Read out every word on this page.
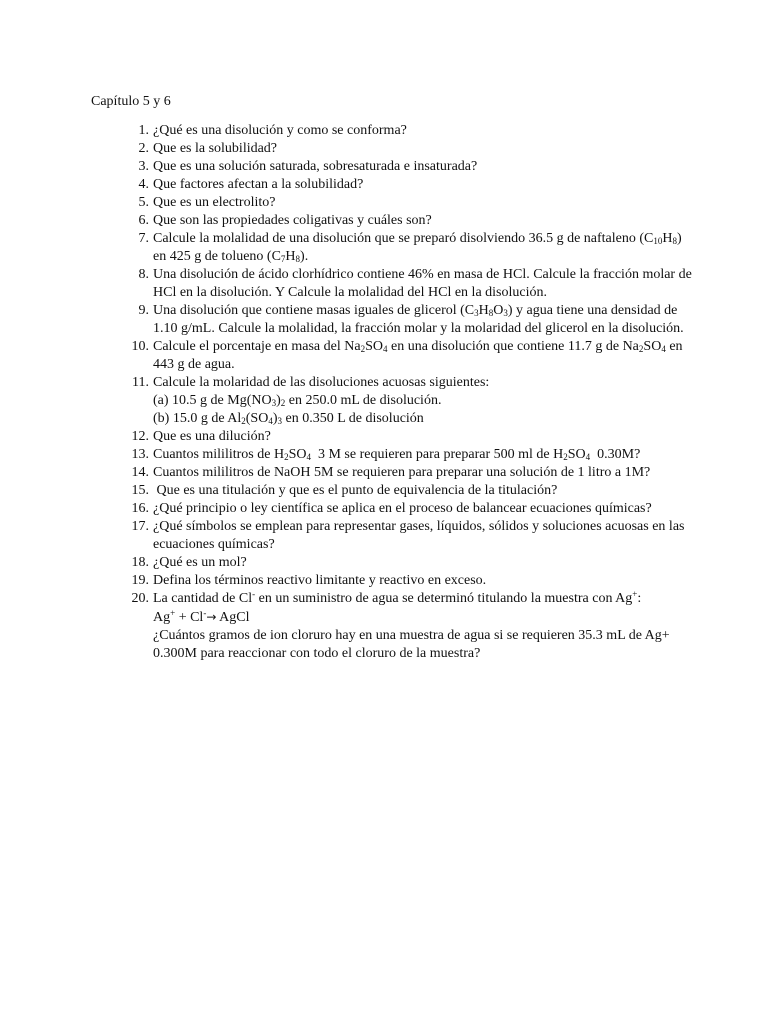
Capítulo 5 y 6
1. ¿Qué es una disolución y como se conforma?
2. Que es la solubilidad?
3. Que es una solución saturada, sobresaturada e insaturada?
4. Que factores afectan a la solubilidad?
5. Que es un electrolito?
6. Que son las propiedades coligativas y cuáles son?
7. Calcule la molalidad de una disolución que se preparó disolviendo 36.5 g de naftaleno $(C_{10}H_8)$ en 425 g de tolueno $(C_7H_8)$.
8. Una disolución de ácido clorhídrico contiene 46% en masa de HCl. Calcule la fracción molar de HCl en la disolución. Y Calcule la molalidad del HCl en la disolución.
9. Una disolución que contiene masas iguales de glicerol $(C_3H_8O_3)$ y agua tiene una densidad de 1.10 g/mL. Calcule la molalidad, la fracción molar y la molaridad del glicerol en la disolución.
10. Calcule el porcentaje en masa del $Na_2SO_4$ en una disolución que contiene 11.7 g de $Na_2SO_4$ en 443 g de agua.
11. Calcule la molaridad de las disoluciones acuosas siguientes:
(a) 10.5 g de $Mg(NO_3)_2$ en 250.0 mL de disolución.
(b) 15.0 g de $Al_2(SO_4)_3$ en 0.350 L de disolución
12. Que es una dilución?
13. Cuantos mililitros de $H_2SO_4$  3 M se requieren para preparar 500 ml de $H_2SO_4$  0.30M?
14. Cuantos mililitros de NaOH 5M se requieren para preparar una solución de 1 litro a 1M?
15. Que es una titulación y que es el punto de equivalencia de la titulación?
16. ¿Qué principio o ley científica se aplica en el proceso de balancear ecuaciones químicas?
17. ¿Qué símbolos se emplean para representar gases, líquidos, sólidos y soluciones acuosas en las ecuaciones químicas?
18. ¿Qué es un mol?
19. Defina los términos reactivo limitante y reactivo en exceso.
20. La cantidad de Cl- en un suministro de agua se determinó titulando la muestra con Ag+:
Ag+ + Cl-→ AgCl
¿Cuántos gramos de ion cloruro hay en una muestra de agua si se requieren 35.3 mL de Ag+ 0.300M para reaccionar con todo el cloruro de la muestra?
